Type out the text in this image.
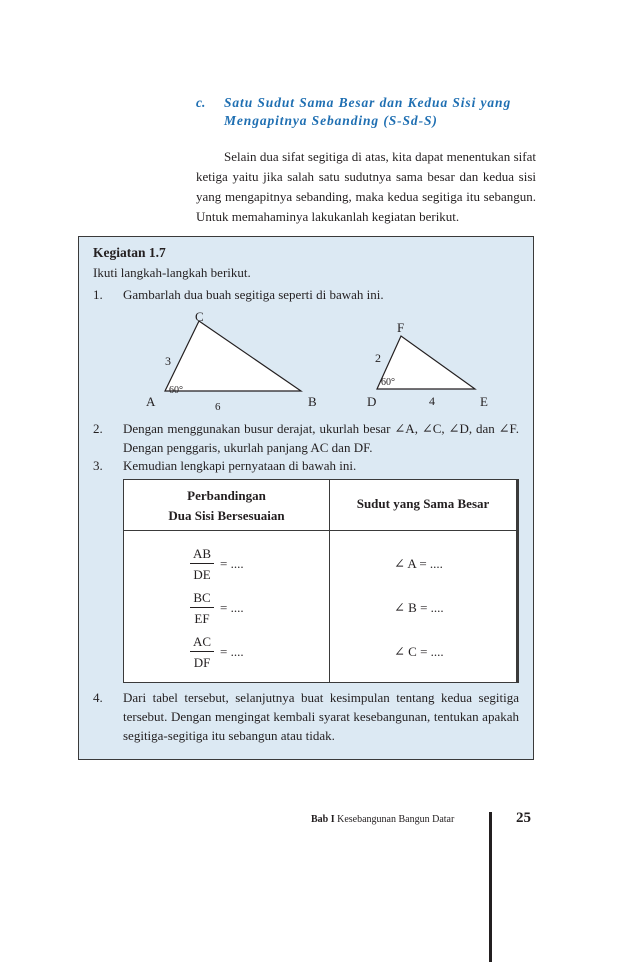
c. Satu Sudut Sama Besar dan Kedua Sisi yang
Mengapitnya Sebanding (S-Sd-S)
Selain dua sifat segitiga di atas, kita dapat menentukan sifat ketiga yaitu jika salah satu sudutnya sama besar dan kedua sisi yang mengapitnya sebanding, maka kedua segitiga itu sebangun. Untuk memahaminya lakukanlah kegiatan berikut.
Kegiatan 1.7
Ikuti langkah-langkah berikut.
1. Gambarlah dua buah segitiga seperti di bawah ini.
A	B
C
3
6
60°
D	E
F
2
4
60°
2. Dengan menggunakan busur derajat, ukurlah besar ∠A, ∠C, ∠D, dan ∠F. Dengan penggaris, ukurlah panjang AC dan DF.
3. Kemudian lengkapi pernyataan di bawah ini.
Perbandingan
Dua Sisi Bersesuaian
Sudut yang Sama Besar
$\frac{AB}{DE}$ = ....	∠ A = ....
$\frac{BC}{EF}$ = ....	∠ B = ....
$\frac{AC}{DF}$ = ....	∠ C = ....
4. Dari tabel tersebut, selanjutnya buat kesimpulan tentang kedua segitiga tersebut. Dengan mengingat kembali syarat kesebangunan, tentukan apakah segitiga-segitiga itu sebangun atau tidak.
Bab I Kesebangunan Bangun Datar	25
